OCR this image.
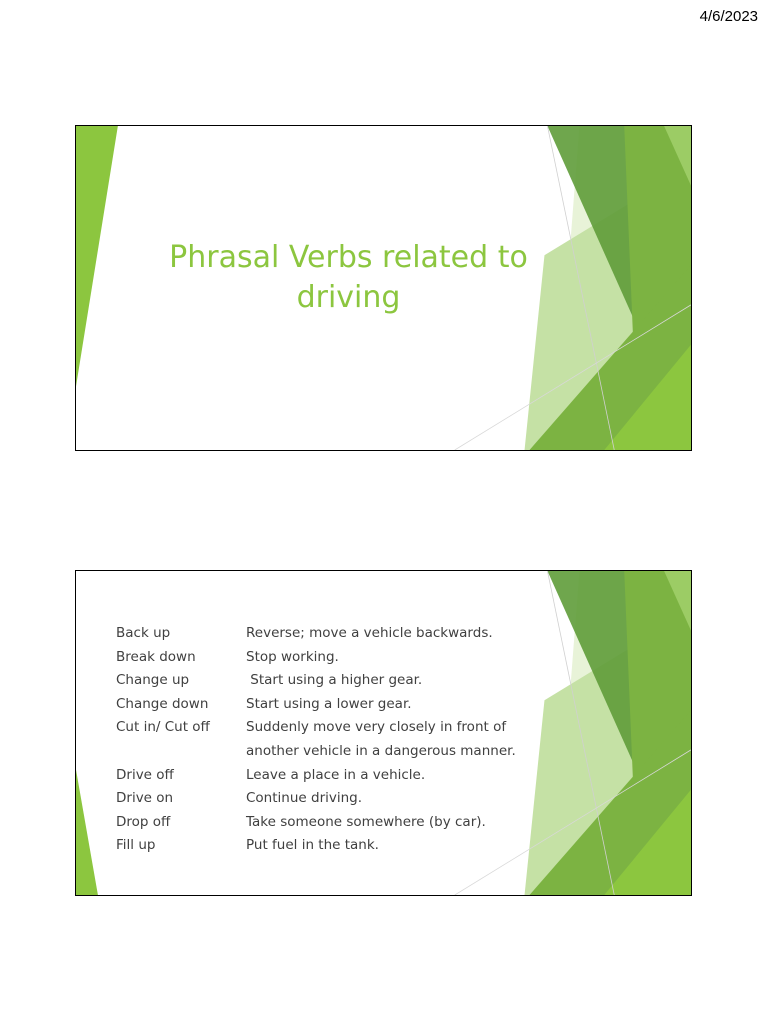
4/6/2023
Phrasal Verbs related to driving
Back up	Reverse; move a vehicle backwards.
Break down	Stop working.
Change up	Start using a higher gear.
Change down	Start using a lower gear.
Cut in/ Cut off	Suddenly move very closely in front of another vehicle in a dangerous manner.
Drive off	Leave a place in a vehicle.
Drive on	Continue driving.
Drop off	Take someone somewhere (by car).
Fill up	Put fuel in the tank.
